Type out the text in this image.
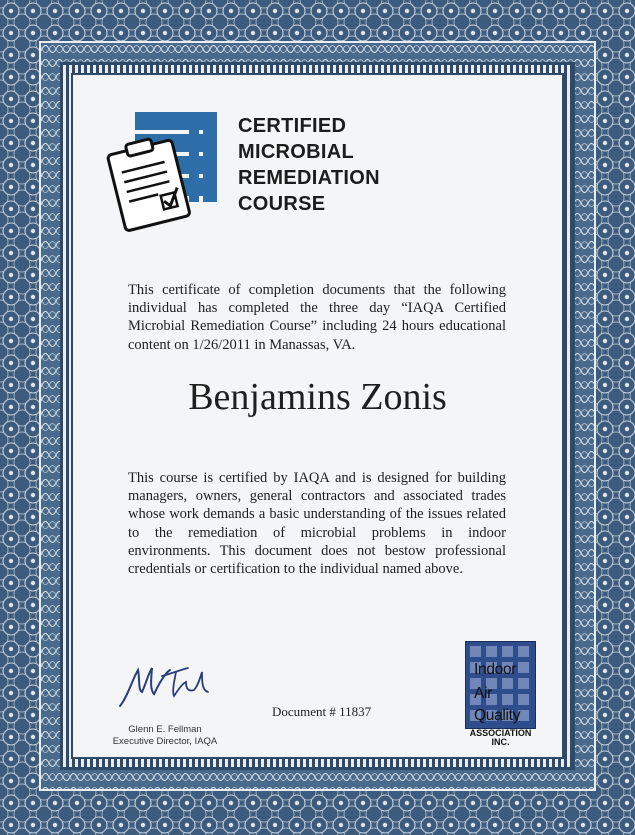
CERTIFIED
MICROBIAL
REMEDIATION
COURSE
This certificate of completion documents that the following individual has completed the three day “IAQA Certified Microbial Remediation Course” including 24 hours educational content on 1/26/2011 in Manassas, VA.
Benjamins Zonis
This course is certified by IAQA and is designed for building managers, owners, general contractors and associated trades whose work demands a basic understanding of the issues related to the remediation of microbial problems in indoor environments. This document does not bestow professional credentials or certification to the individual named above.
Glenn E. Fellman
Executive Director, IAQA
Document # 11837
Indoor
Air
Quality
ASSOCIATION
INC.
